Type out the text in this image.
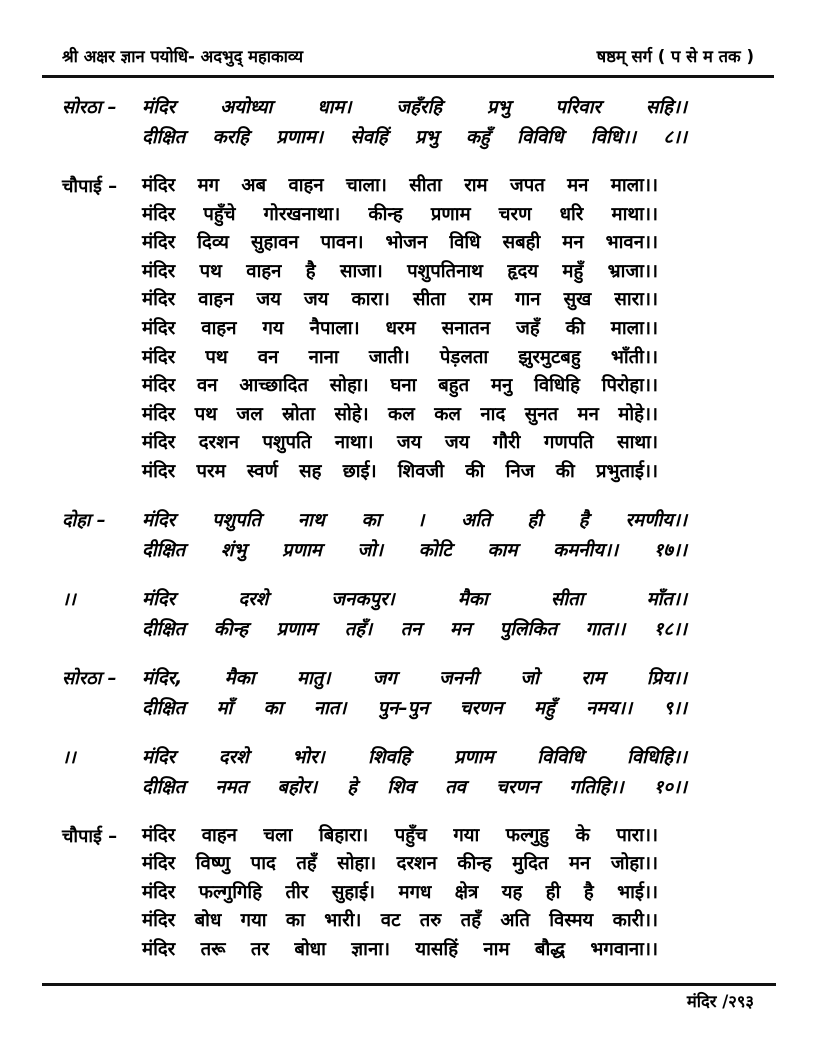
श्री अक्षर ज्ञान पयोधि- अदभुद् महाकाव्य	षष्ठम् सर्ग ( प से म तक )
सोरठा –	मंदिर अयोध्या धाम। जहँरहि प्रभु परिवार सहि।।
दीक्षित करहि प्रणाम। सेवहिं प्रभु कहुँ विविधि विधि।। ८।।
चौपाई –	मंदिर मग अब वाहन चाला। सीता राम जपत मन माला।।
मंदिर पहुँचे गोरखनाथा। कीन्ह प्रणाम चरण धरि माथा।।
मंदिर दिव्य सुहावन पावन। भोजन विधि सबही मन भावन।।
मंदिर पथ वाहन है साजा। पशुपतिनाथ हृदय महुँ भ्राजा।।
मंदिर वाहन जय जय कारा। सीता राम गान सुख सारा।।
मंदिर वाहन गय नैपाला। धरम सनातन जहँ की माला।।
मंदिर पथ वन नाना जाती। पेड़लता झुरमुटबहु भाँती।।
मंदिर वन आच्छादित सोहा। घना बहुत मनु विधिहि पिरोहा।।
मंदिर पथ जल स्रोता सोहे। कल कल नाद सुनत मन मोहे।।
मंदिर दरशन पशुपति नाथा। जय जय गौरी गणपति साथा।
मंदिर परम स्वर्ण सह छाई। शिवजी की निज की प्रभुताई।।
दोहा –	मंदिर पशुपति नाथ का । अति ही है रमणीय।।
दीक्षित शंभु प्रणाम जो। कोटि काम कमनीय।। १७।।
।।	मंदिर दरशे जनकपुर। मैका सीता माँत।।
दीक्षित कीन्ह प्रणाम तहँ। तन मन पुलिकित गात।। १८।।
सोरठा –	मंदिर, मैका मातु। जग जननी जो राम प्रिय।।
दीक्षित माँ का नात। पुन–पुन चरणन महुँ नमय।। ९।।
।।	मंदिर दरशे भोर। शिवहि प्रणाम विविधि विधिहि।।
दीक्षित नमत बहोर। हे शिव तव चरणन गतिहि।। १०।।
चौपाई –	मंदिर वाहन चला बिहारा। पहुँच गया फल्गुहु के पारा।।
मंदिर विष्णु पाद तहँ सोहा। दरशन कीन्ह मुदित मन जोहा।।
मंदिर फल्गुगिहि तीर सुहाई। मगध क्षेत्र यह ही है भाई।।
मंदिर बोध गया का भारी। वट तरु तहँ अति विस्मय कारी।।
मंदिर तरू तर बोधा ज्ञाना। यासहिं नाम बौद्ध भगवाना।।
मंदिर /२९३
